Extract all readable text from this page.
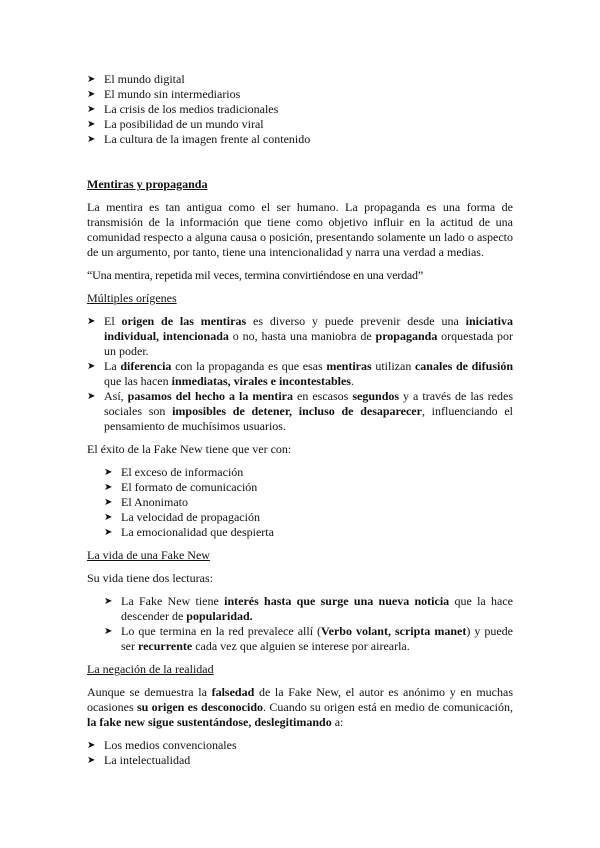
➤ El mundo digital
➤ El mundo sin intermediarios
➤ La crisis de los medios tradicionales
➤ La posibilidad de un mundo viral
➤ La cultura de la imagen frente al contenido

Mentiras y propaganda

La mentira es tan antigua como el ser humano. La propaganda es una forma de transmisión de la información que tiene como objetivo influir en la actitud de una comunidad respecto a alguna causa o posición, presentando solamente un lado o aspecto de un argumento, por tanto, tiene una intencionalidad y narra una verdad a medias.

“Una mentira, repetida mil veces, termina convirtiéndose en una verdad”

Múltiples orígenes

➤ El origen de las mentiras es diverso y puede prevenir desde una iniciativa individual, intencionada o no, hasta una maniobra de propaganda orquestada por un poder.
➤ La diferencia con la propaganda es que esas mentiras utilizan canales de difusión que las hacen inmediatas, virales e incontestables.
➤ Así, pasamos del hecho a la mentira en escasos segundos y a través de las redes sociales son imposibles de detener, incluso de desaparecer, influenciando el pensamiento de muchísimos usuarios.

El éxito de la Fake New tiene que ver con:

➤ El exceso de información
➤ El formato de comunicación
➤ El Anonimato
➤ La velocidad de propagación
➤ La emocionalidad que despierta

La vida de una Fake New

Su vida tiene dos lecturas:

➤ La Fake New tiene interés hasta que surge una nueva noticia que la hace descender de popularidad.
➤ Lo que termina en la red prevalece allí (Verbo volant, scripta manet) y puede ser recurrente cada vez que alguien se interese por airearla.

La negación de la realidad

Aunque se demuestra la falsedad de la Fake New, el autor es anónimo y en muchas ocasiones su origen es desconocido. Cuando su origen está en medio de comunicación, la fake new sigue sustentándose, deslegitimando a:

➤ Los medios convencionales
➤ La intelectualidad
